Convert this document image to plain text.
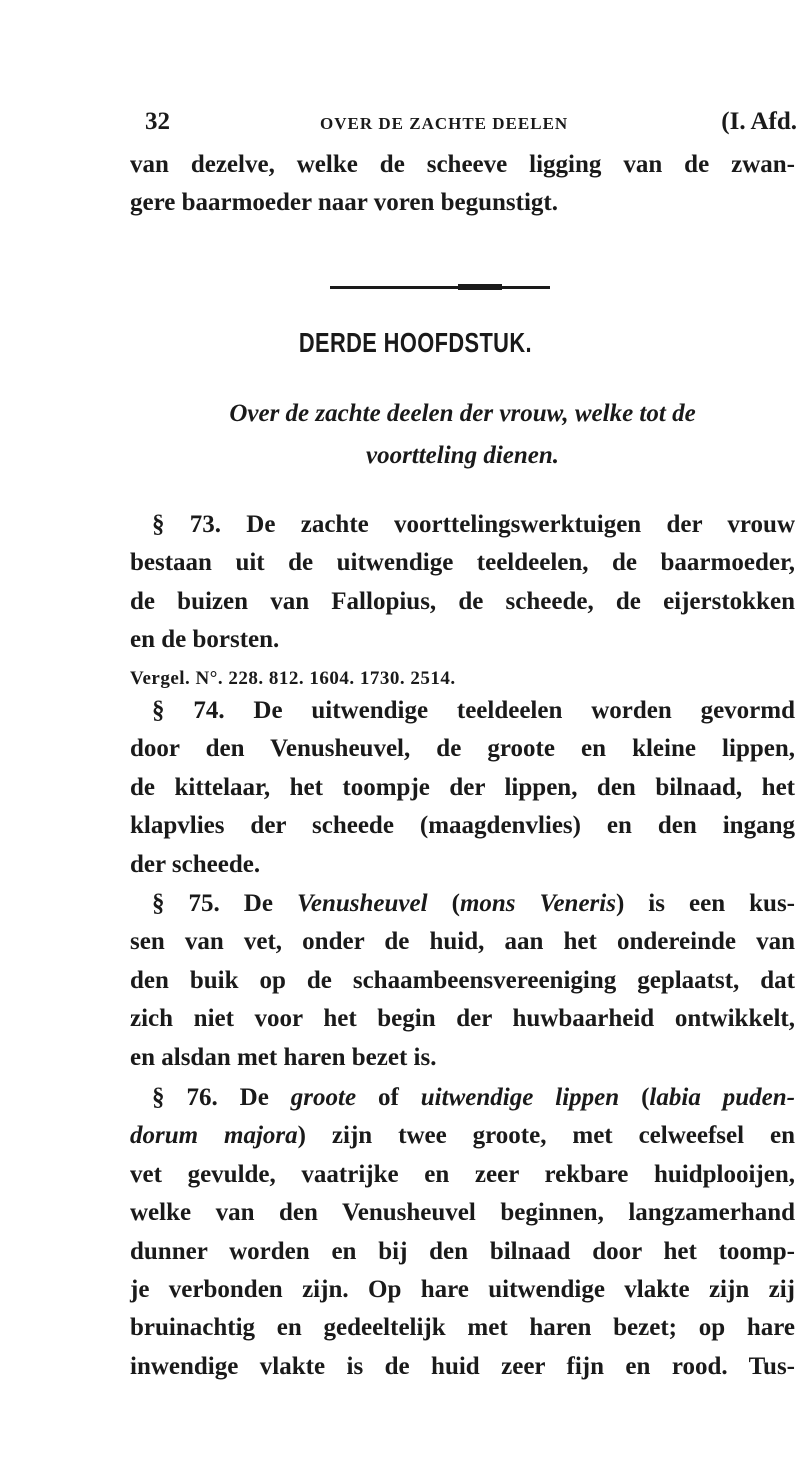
32	OVER DE ZACHTE DEELEN	(I. Afd.
van dezelve, welke de scheeve ligging van de zwan-
gere baarmoeder naar voren begunstigt.
DERDE HOOFDSTUK.
Over de zachte deelen der vrouw, welke tot de
voortteling dienen.
§ 73. De zachte voorttelingswerktuigen der vrouw
bestaan uit de uitwendige teeldeelen, de baarmoeder,
de buizen van Fallopius, de scheede, de eijerstokken
en de borsten.
Vergel. N°. 228. 812. 1604. 1730. 2514.
§ 74. De uitwendige teeldeelen worden gevormd
door den Venusheuvel, de groote en kleine lippen,
de kittelaar, het toompje der lippen, den bilnaad, het
klapvlies der scheede (maagdenvlies) en den ingang
der scheede.
§ 75. De Venusheuvel (mons Veneris) is een kus-
sen van vet, onder de huid, aan het ondereinde van
den buik op de schaambeensvereeniging geplaatst, dat
zich niet voor het begin der huwbaarheid ontwikkelt,
en alsdan met haren bezet is.
§ 76. De groote of uitwendige lippen (labia puden-
dorum majora) zijn twee groote, met celweefsel en
vet gevulde, vaatrijke en zeer rekbare huidplooijen,
welke van den Venusheuvel beginnen, langzamerhand
dunner worden en bij den bilnaad door het toomp-
je verbonden zijn. Op hare uitwendige vlakte zijn zij
bruinachtig en gedeeltelijk met haren bezet; op hare
inwendige vlakte is de huid zeer fijn en rood. Tus-
